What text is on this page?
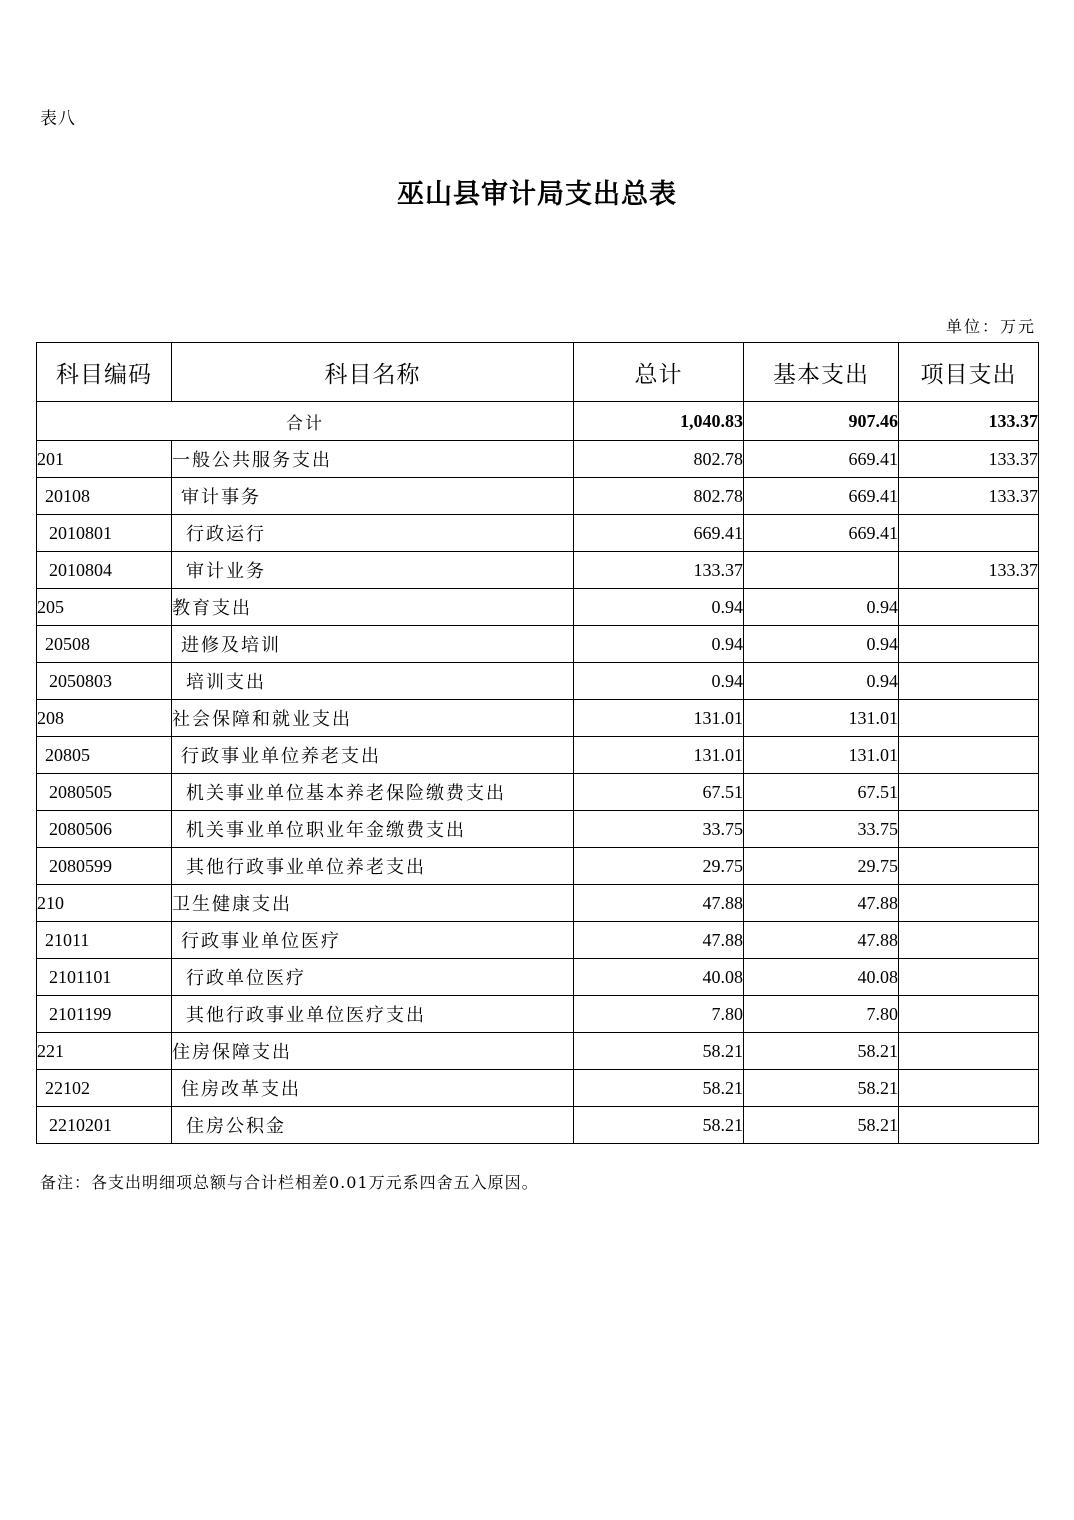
表八
巫山县审计局支出总表
单位：万元
科目编码	科目名称	总计	基本支出	项目支出
合计		1,040.83	907.46	133.37
201	一般公共服务支出	802.78	669.41	133.37
20108	审计事务	802.78	669.41	133.37
2010801	行政运行	669.41	669.41	
2010804	审计业务	133.37		133.37
205	教育支出	0.94	0.94	
20508	进修及培训	0.94	0.94	
2050803	培训支出	0.94	0.94	
208	社会保障和就业支出	131.01	131.01	
20805	行政事业单位养老支出	131.01	131.01	
2080505	机关事业单位基本养老保险缴费支出	67.51	67.51	
2080506	机关事业单位职业年金缴费支出	33.75	33.75	
2080599	其他行政事业单位养老支出	29.75	29.75	
210	卫生健康支出	47.88	47.88	
21011	行政事业单位医疗	47.88	47.88	
2101101	行政单位医疗	40.08	40.08	
2101199	其他行政事业单位医疗支出	7.80	7.80	
221	住房保障支出	58.21	58.21	
22102	住房改革支出	58.21	58.21	
2210201	住房公积金	58.21	58.21	
备注：各支出明细项总额与合计栏相差0.01万元系四舍五入原因。
